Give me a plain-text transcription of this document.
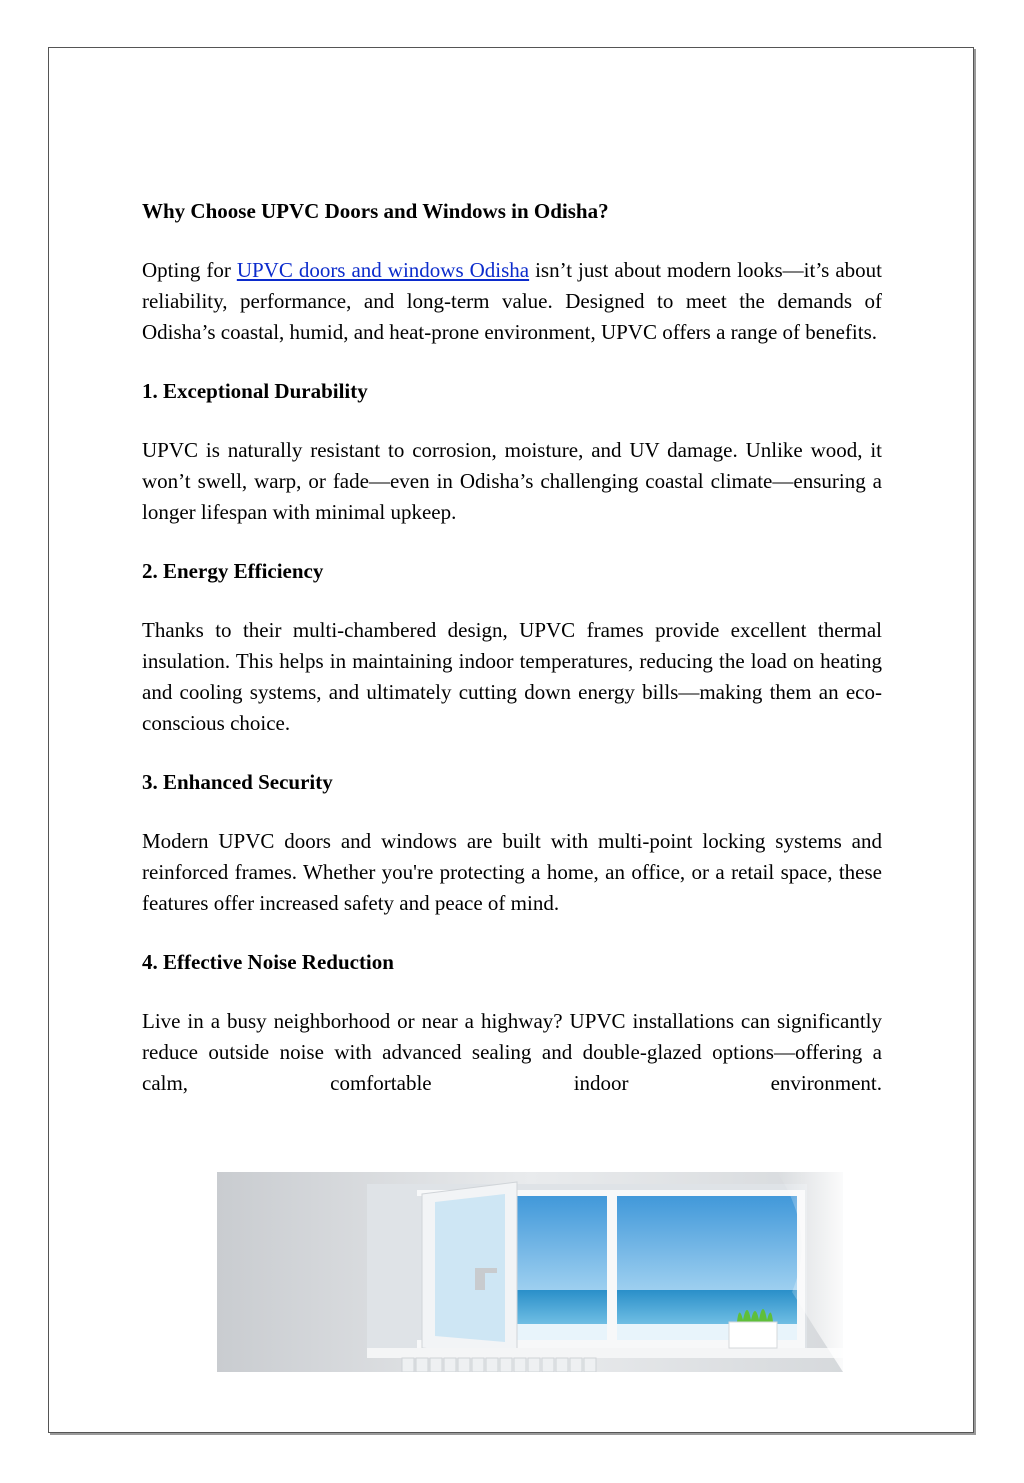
Why Choose UPVC Doors and Windows in Odisha?

Opting for UPVC doors and windows Odisha isn’t just about modern looks—it’s about reliability, performance, and long-term value. Designed to meet the demands of Odisha’s coastal, humid, and heat-prone environment, UPVC offers a range of benefits.

1. Exceptional Durability

UPVC is naturally resistant to corrosion, moisture, and UV damage. Unlike wood, it won’t swell, warp, or fade—even in Odisha’s challenging coastal climate—ensuring a longer lifespan with minimal upkeep.

2. Energy Efficiency

Thanks to their multi-chambered design, UPVC frames provide excellent thermal insulation. This helps in maintaining indoor temperatures, reducing the load on heating and cooling systems, and ultimately cutting down energy bills—making them an eco-conscious choice.

3. Enhanced Security

Modern UPVC doors and windows are built with multi-point locking systems and reinforced frames. Whether you're protecting a home, an office, or a retail space, these features offer increased safety and peace of mind.

4. Effective Noise Reduction

Live in a busy neighborhood or near a highway? UPVC installations can significantly reduce outside noise with advanced sealing and double-glazed options—offering a calm, comfortable indoor environment.
